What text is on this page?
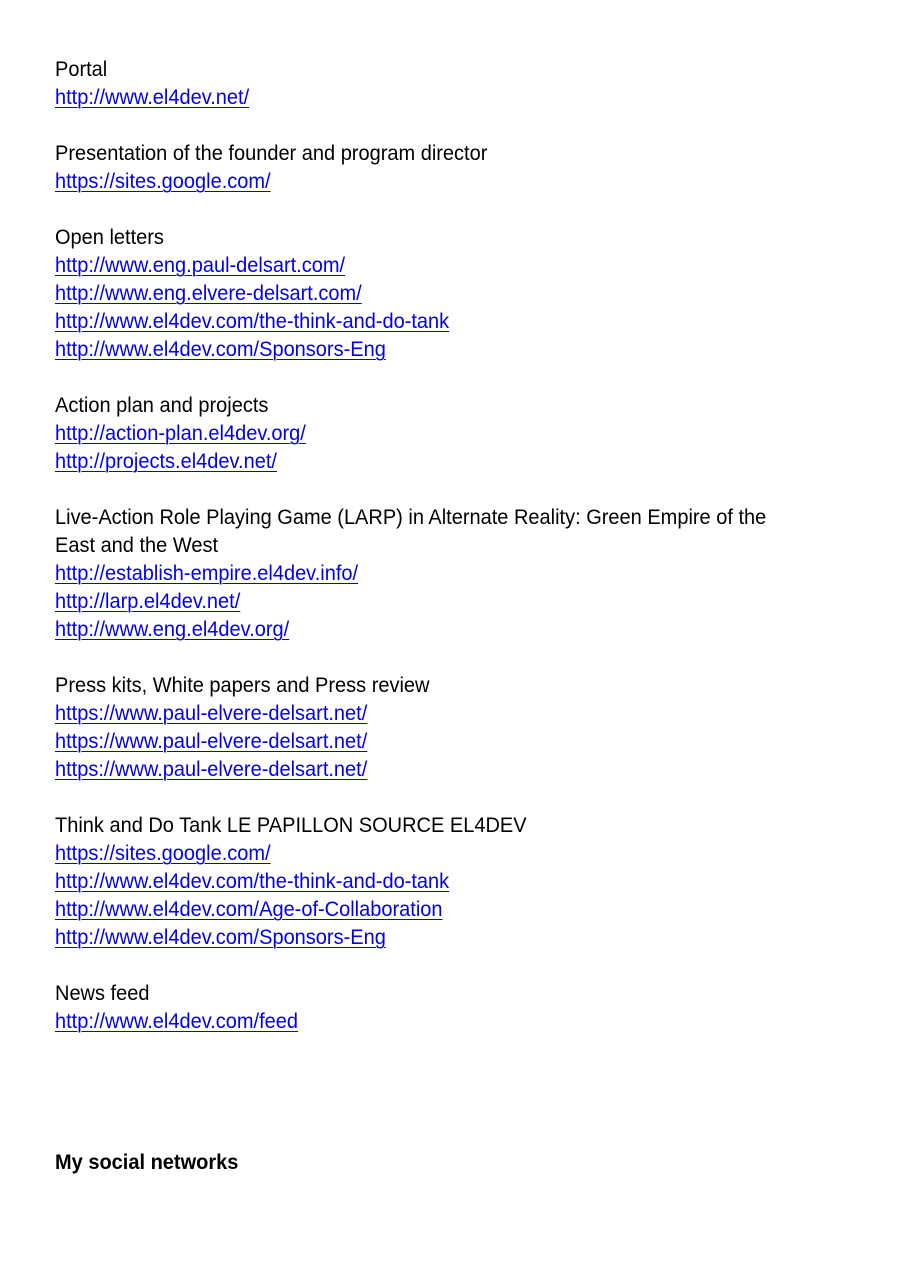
Portal
http://www.el4dev.net/
Presentation of the founder and program director
https://sites.google.com/
Open letters
http://www.eng.paul-delsart.com/
http://www.eng.elvere-delsart.com/
http://www.el4dev.com/the-think-and-do-tank
http://www.el4dev.com/Sponsors-Eng
Action plan and projects
http://action-plan.el4dev.org/
http://projects.el4dev.net/
Live-Action Role Playing Game (LARP) in Alternate Reality: Green Empire of the East and the West
http://establish-empire.el4dev.info/
http://larp.el4dev.net/
http://www.eng.el4dev.org/
Press kits, White papers and Press review
https://www.paul-elvere-delsart.net/
https://www.paul-elvere-delsart.net/
https://www.paul-elvere-delsart.net/
Think and Do Tank LE PAPILLON SOURCE EL4DEV
https://sites.google.com/
http://www.el4dev.com/the-think-and-do-tank
http://www.el4dev.com/Age-of-Collaboration
http://www.el4dev.com/Sponsors-Eng
News feed
http://www.el4dev.com/feed
My social networks
